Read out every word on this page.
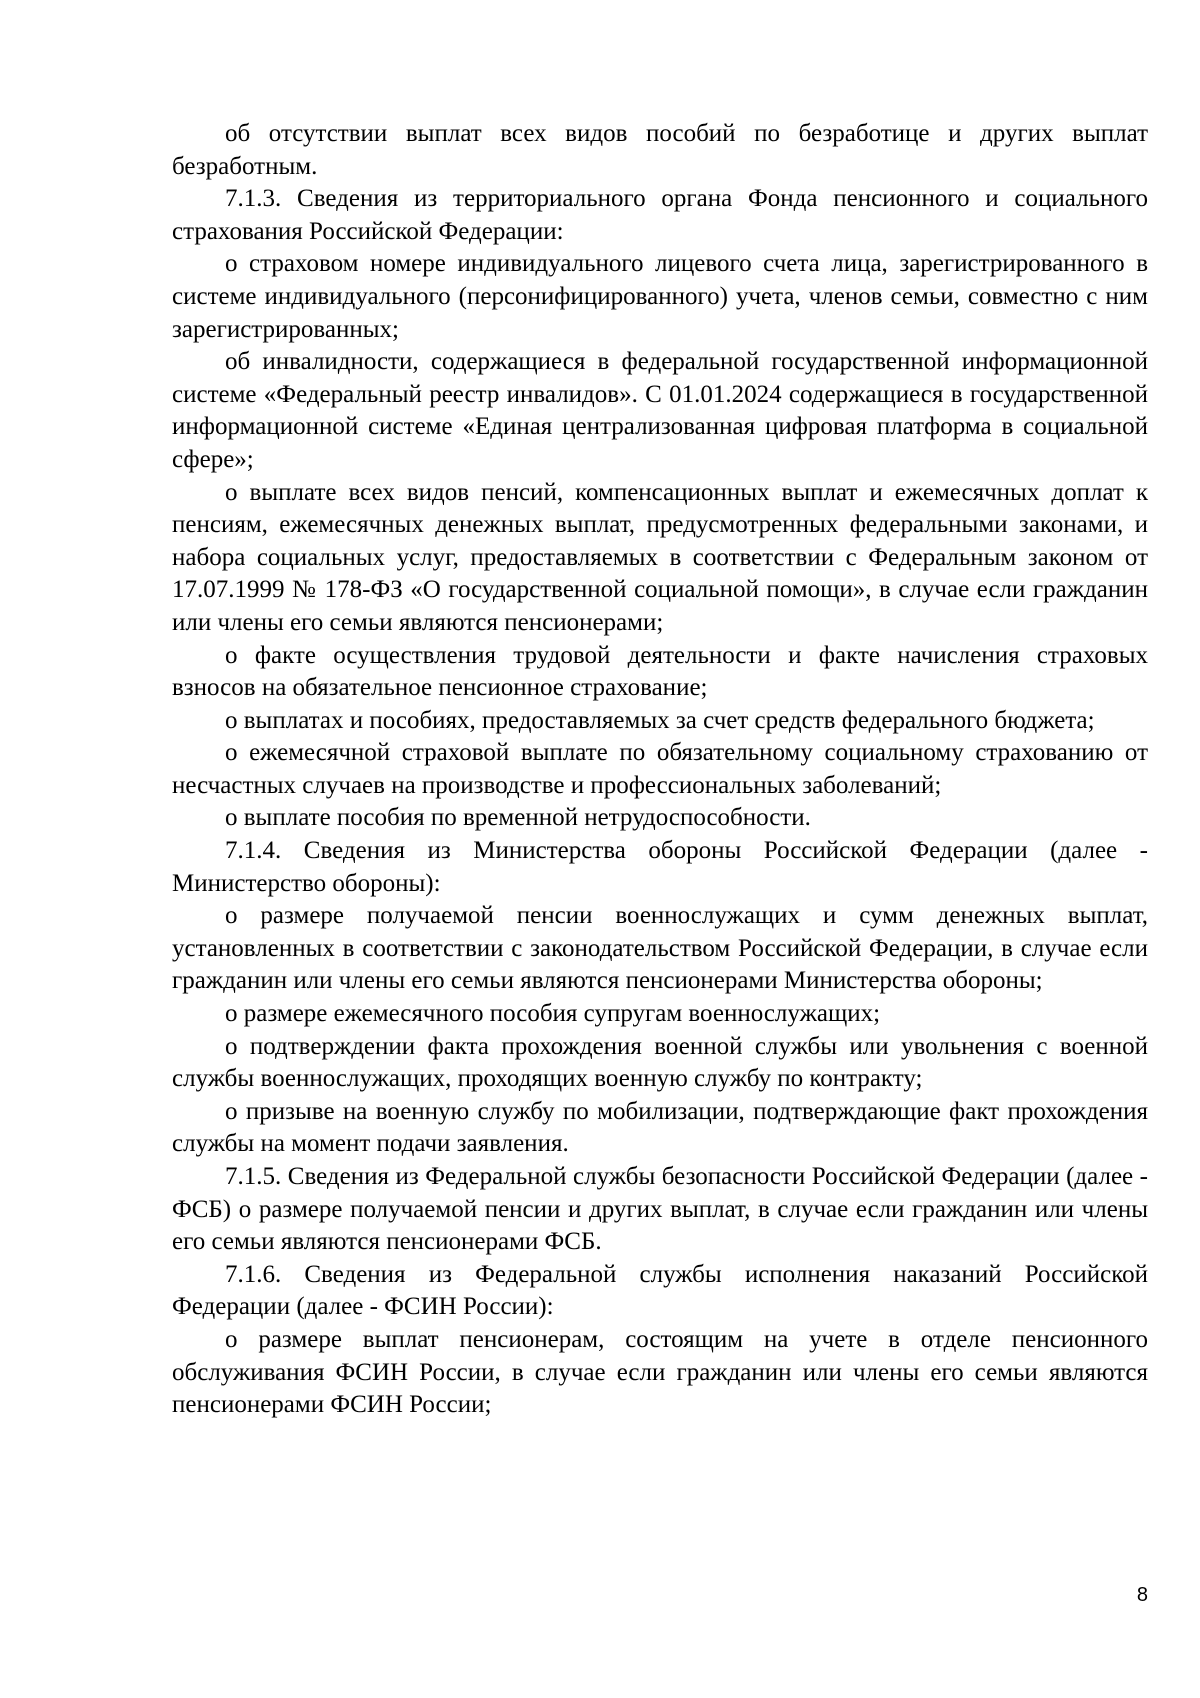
об отсутствии выплат всех видов пособий по безработице и других выплат безработным.

7.1.3. Сведения из территориального органа Фонда пенсионного и социального страхования Российской Федерации:

о страховом номере индивидуального лицевого счета лица, зарегистрированного в системе индивидуального (персонифицированного) учета, членов семьи, совместно с ним зарегистрированных;

об инвалидности, содержащиеся в федеральной государственной информационной системе «Федеральный реестр инвалидов». С 01.01.2024 содержащиеся в государственной информационной системе «Единая централизованная цифровая платформа в социальной сфере»;

о выплате всех видов пенсий, компенсационных выплат и ежемесячных доплат к пенсиям, ежемесячных денежных выплат, предусмотренных федеральными законами, и набора социальных услуг, предоставляемых в соответствии с Федеральным законом от 17.07.1999 № 178-ФЗ «О государственной социальной помощи», в случае если гражданин или члены его семьи являются пенсионерами;

о факте осуществления трудовой деятельности и факте начисления страховых взносов на обязательное пенсионное страхование;

о выплатах и пособиях, предоставляемых за счет средств федерального бюджета;

о ежемесячной страховой выплате по обязательному социальному страхованию от несчастных случаев на производстве и профессиональных заболеваний;

о выплате пособия по временной нетрудоспособности.

7.1.4. Сведения из Министерства обороны Российской Федерации (далее - Министерство обороны):

о размере получаемой пенсии военнослужащих и сумм денежных выплат, установленных в соответствии с законодательством Российской Федерации, в случае если гражданин или члены его семьи являются пенсионерами Министерства обороны;

о размере ежемесячного пособия супругам военнослужащих;

о подтверждении факта прохождения военной службы или увольнения с военной службы военнослужащих, проходящих военную службу по контракту;

о призыве на военную службу по мобилизации, подтверждающие факт прохождения службы на момент подачи заявления.

7.1.5. Сведения из Федеральной службы безопасности Российской Федерации (далее - ФСБ) о размере получаемой пенсии и других выплат, в случае если гражданин или члены его семьи являются пенсионерами ФСБ.

7.1.6. Сведения из Федеральной службы исполнения наказаний Российской Федерации (далее - ФСИН России):

о размере выплат пенсионерам, состоящим на учете в отделе пенсионного обслуживания ФСИН России, в случае если гражданин или члены его семьи являются пенсионерами ФСИН России;

8
